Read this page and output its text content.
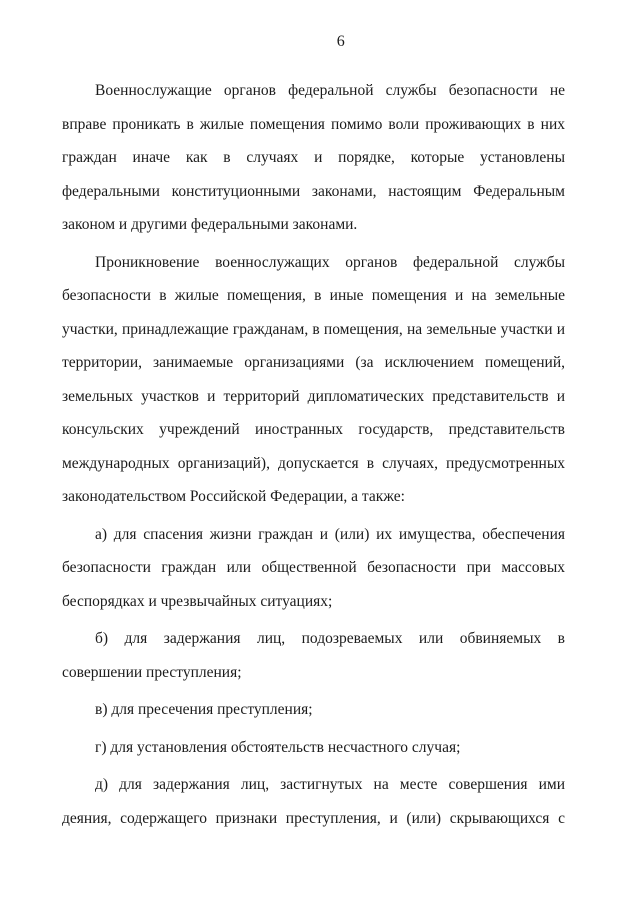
6
Военнослужащие органов федеральной службы безопасности не
вправе проникать в жилые помещения помимо воли проживающих в них
граждан иначе как в случаях и порядке, которые установлены
федеральными конституционными законами, настоящим Федеральным
законом и другими федеральными законами.
Проникновение военнослужащих органов федеральной службы
безопасности в жилые помещения, в иные помещения и на земельные
участки, принадлежащие гражданам, в помещения, на земельные участки и
территории, занимаемые организациями (за исключением помещений,
земельных участков и территорий дипломатических представительств и
консульских учреждений иностранных государств, представительств
международных организаций), допускается в случаях, предусмотренных
законодательством Российской Федерации, а также:
а) для спасения жизни граждан и (или) их имущества, обеспечения
безопасности граждан или общественной безопасности при массовых
беспорядках и чрезвычайных ситуациях;
б) для задержания лиц, подозреваемых или обвиняемых в
совершении преступления;
в) для пресечения преступления;
г) для установления обстоятельств несчастного случая;
д) для задержания лиц, застигнутых на месте совершения ими
деяния, содержащего признаки преступления, и (или) скрывающихся с
